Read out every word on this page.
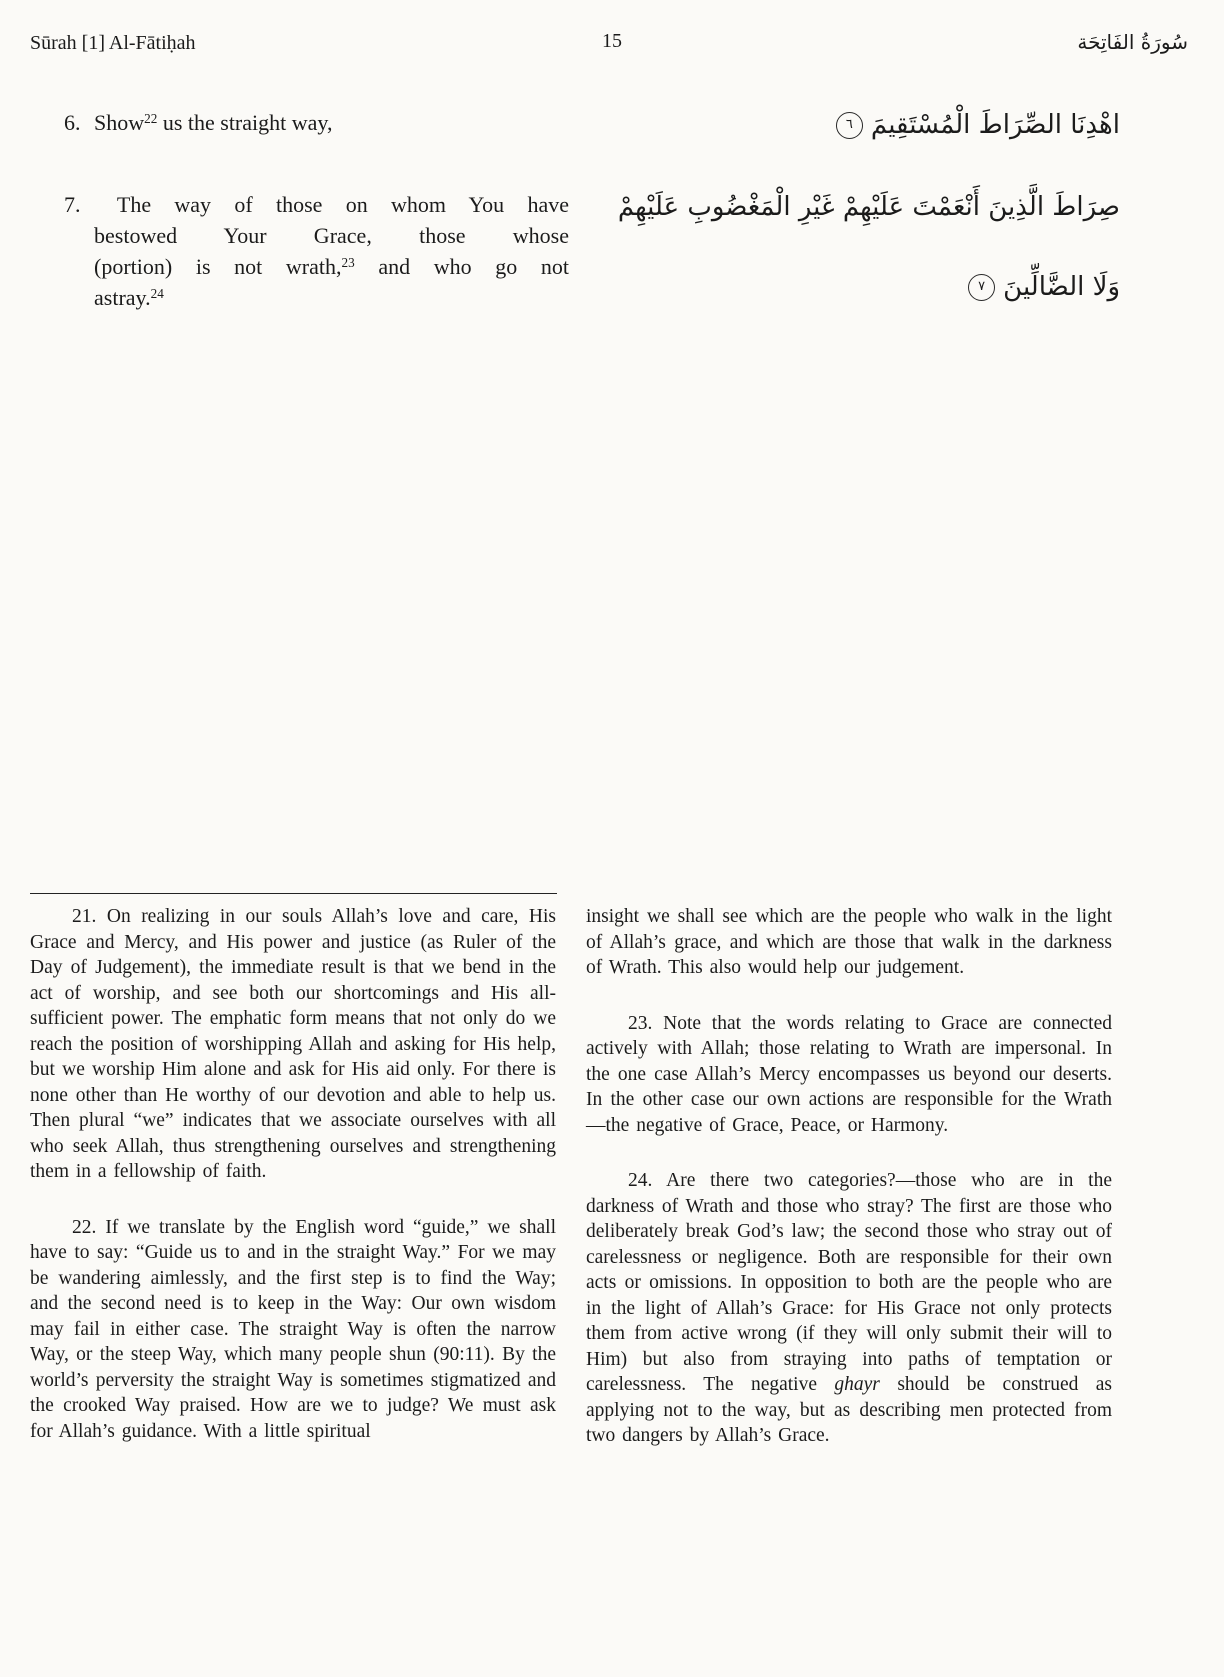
Sūrah [1] Al-Fātiḥah	15	سُورَةُ الفَاتِحَة
6. Show$^{22}$ us the straight way,	اهْدِنَا الصِّرَاطَ الْمُسْتَقِيمَ٦
7. The way of those on whom You have
bestowed Your Grace, those whose
(portion) is not wrath,$^{23}$ and who go not
astray.$^{24}$
صِرَاطَ الَّذِينَ أَنْعَمْتَ عَلَيْهِمْ غَيْرِ الْمَغْضُوبِ عَلَيْهِمْ
وَلَا الضَّالِّينَ٧

21. On realizing in our souls Allah’s love and care, His Grace and Mercy, and His power and justice (as Ruler of the Day of Judgement), the immediate result is that we bend in the act of worship, and see both our shortcomings and His all-sufficient power. The emphatic form means that not only do we reach the position of worshipping Allah and asking for His help, but we worship Him alone and ask for His aid only. For there is none other than He worthy of our devotion and able to help us. Then plural “we” indicates that we associate ourselves with all who seek Allah, thus strengthening ourselves and strengthening them in a fellowship of faith.

22. If we translate by the English word “guide,” we shall have to say: “Guide us to and in the straight Way.” For we may be wandering aimlessly, and the first step is to find the Way; and the second need is to keep in the Way: Our own wisdom may fail in either case. The straight Way is often the narrow Way, or the steep Way, which many people shun (90:11). By the world’s perversity the straight Way is sometimes stigmatized and the crooked Way praised. How are we to judge? We must ask for Allah’s guidance. With a little spiritual

insight we shall see which are the people who walk in the light of Allah’s grace, and which are those that walk in the darkness of Wrath. This also would help our judgement.

23. Note that the words relating to Grace are connected actively with Allah; those relating to Wrath are impersonal. In the one case Allah’s Mercy encompasses us beyond our deserts. In the other case our own actions are responsible for the Wrath—the negative of Grace, Peace, or Harmony.

24. Are there two categories?—those who are in the darkness of Wrath and those who stray? The first are those who deliberately break God’s law; the second those who stray out of carelessness or negligence. Both are responsible for their own acts or omissions. In opposition to both are the people who are in the light of Allah’s Grace: for His Grace not only protects them from active wrong (if they will only submit their will to Him) but also from straying into paths of temptation or carelessness. The negative ghayr should be construed as applying not to the way, but as describing men protected from two dangers by Allah’s Grace.
